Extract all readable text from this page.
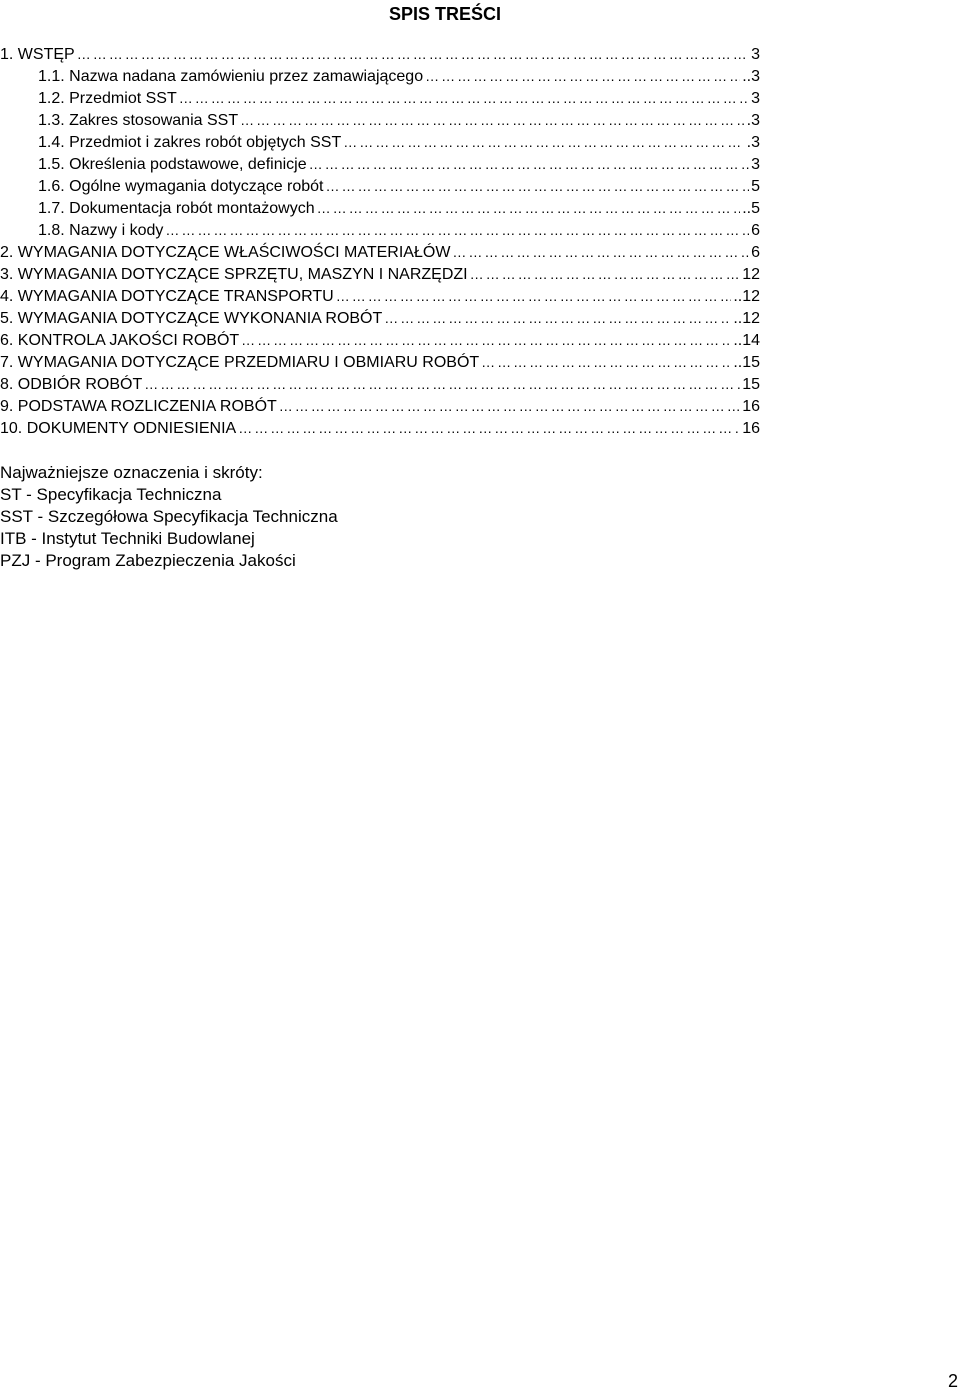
SPIS TREŚCI
1. WSTĘP ……………………………………………………………………………………………………………………………………………………………………………………	3
1.1. Nazwa nadana zamówieniu przez zamawiającego ……………………………………………………………………………………………………………………………………………………………………………………	..3
1.2. Przedmiot SST ……………………………………………………………………………………………………………………………………………………………………………………	3
1.3. Zakres stosowania SST ……………………………………………………………………………………………………………………………………………………………………………………	.3
1.4. Przedmiot i zakres robót objętych SST ……………………………………………………………………………………………………………………………………………………………………………………	.3
1.5. Określenia podstawowe, definicje ……………………………………………………………………………………………………………………………………………………………………………………	3
1.6. Ogólne wymagania dotyczące robót ……………………………………………………………………………………………………………………………………………………………………………………	5
1.7. Dokumentacja robót montażowych ……………………………………………………………………………………………………………………………………………………………………………………	..5
1.8. Nazwy i kody ……………………………………………………………………………………………………………………………………………………………………………………	6
2. WYMAGANIA DOTYCZĄCE WŁAŚCIWOŚCI MATERIAŁÓW ……………………………………………………………………………………………………………………………………………………………………………………	6
3. WYMAGANIA DOTYCZĄCE SPRZĘTU, MASZYN I NARZĘDZI ……………………………………………………………………………………………………………………………………………………………………………………	12
4. WYMAGANIA DOTYCZĄCE TRANSPORTU ……………………………………………………………………………………………………………………………………………………………………………………	..12
5. WYMAGANIA DOTYCZĄCE WYKONANIA ROBÓT ……………………………………………………………………………………………………………………………………………………………………………………	..12
6. KONTROLA JAKOŚCI ROBÓT ……………………………………………………………………………………………………………………………………………………………………………………	..14
7. WYMAGANIA DOTYCZĄCE PRZEDMIARU I OBMIARU ROBÓT ……………………………………………………………………………………………………………………………………………………………………………………	..15
8. ODBIÓR ROBÓT ……………………………………………………………………………………………………………………………………………………………………………………	15
9. PODSTAWA ROZLICZENIA ROBÓT ……………………………………………………………………………………………………………………………………………………………………………………	16
10. DOKUMENTY ODNIESIENIA ……………………………………………………………………………………………………………………………………………………………………………………	16
Najważniejsze oznaczenia i skróty:
ST - Specyfikacja Techniczna
SST - Szczegółowa Specyfikacja Techniczna
ITB - Instytut Techniki Budowlanej
PZJ - Program Zabezpieczenia Jakości
2
